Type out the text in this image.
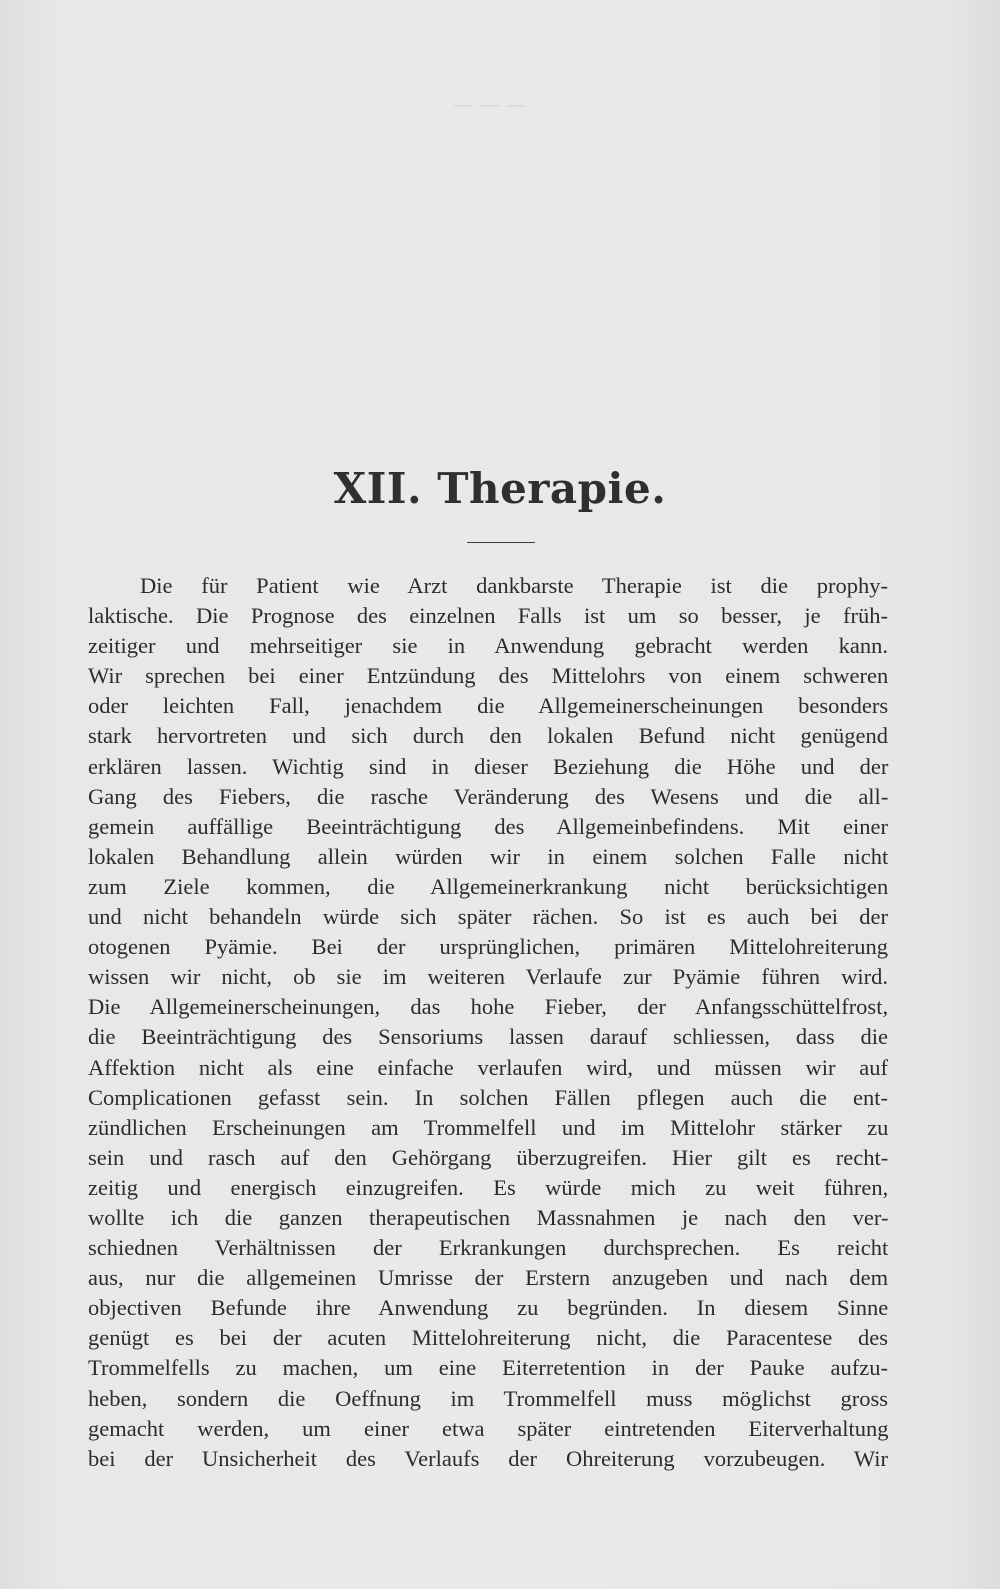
— — —
XII. Therapie.
Die für Patient wie Arzt dankbarste Therapie ist die prophy-
laktische. Die Prognose des einzelnen Falls ist um so besser, je früh-
zeitiger und mehrseitiger sie in Anwendung gebracht werden kann.
Wir sprechen bei einer Entzündung des Mittelohrs von einem schweren
oder leichten Fall, jenachdem die Allgemeinerscheinungen besonders
stark hervortreten und sich durch den lokalen Befund nicht genügend
erklären lassen. Wichtig sind in dieser Beziehung die Höhe und der
Gang des Fiebers, die rasche Veränderung des Wesens und die all-
gemein auffällige Beeinträchtigung des Allgemeinbefindens. Mit einer
lokalen Behandlung allein würden wir in einem solchen Falle nicht
zum Ziele kommen, die Allgemeinerkrankung nicht berücksichtigen
und nicht behandeln würde sich später rächen. So ist es auch bei der
otogenen Pyämie. Bei der ursprünglichen, primären Mittelohreiterung
wissen wir nicht, ob sie im weiteren Verlaufe zur Pyämie führen wird.
Die Allgemeinerscheinungen, das hohe Fieber, der Anfangsschüttelfrost,
die Beeinträchtigung des Sensoriums lassen darauf schliessen, dass die
Affektion nicht als eine einfache verlaufen wird, und müssen wir auf
Complicationen gefasst sein. In solchen Fällen pflegen auch die ent-
zündlichen Erscheinungen am Trommelfell und im Mittelohr stärker zu
sein und rasch auf den Gehörgang überzugreifen. Hier gilt es recht-
zeitig und energisch einzugreifen. Es würde mich zu weit führen,
wollte ich die ganzen therapeutischen Massnahmen je nach den ver-
schiednen Verhältnissen der Erkrankungen durchsprechen. Es reicht
aus, nur die allgemeinen Umrisse der Erstern anzugeben und nach dem
objectiven Befunde ihre Anwendung zu begründen. In diesem Sinne
genügt es bei der acuten Mittelohreiterung nicht, die Paracentese des
Trommelfells zu machen, um eine Eiterretention in der Pauke aufzu-
heben, sondern die Oeffnung im Trommelfell muss möglichst gross
gemacht werden, um einer etwa später eintretenden Eiterverhaltung
bei der Unsicherheit des Verlaufs der Ohreiterung vorzubeugen. Wir
